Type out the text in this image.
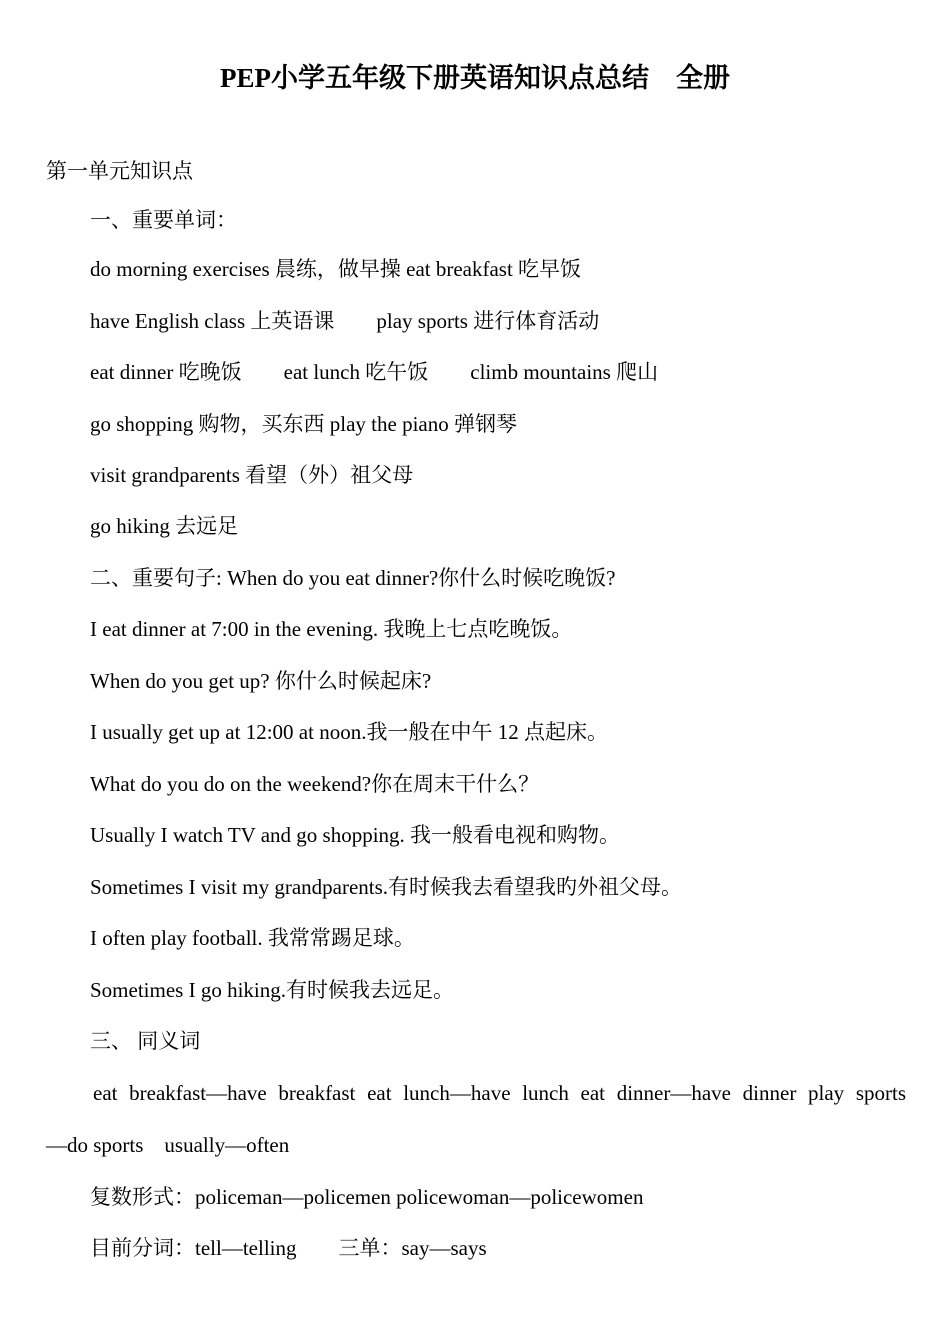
PEP小学五年级下册英语知识点总结　全册
第一单元知识点
一、重要单词：
do morning exercises 晨练，做早操 eat breakfast 吃早饭
have English class 上英语课        play sports 进行体育活动
eat dinner 吃晚饭        eat lunch 吃午饭        climb mountains 爬山
go shopping 购物，买东西 play the piano 弹钢琴
visit grandparents 看望（外）祖父母
go hiking 去远足
二、重要句子: When do you eat dinner?你什么时候吃晚饭?
I eat dinner at 7:00 in the evening. 我晚上七点吃晚饭。
When do you get up? 你什么时候起床?
I usually get up at 12:00 at noon.我一般在中午 12 点起床。
What do you do on the weekend?你在周末干什么？
Usually I watch TV and go shopping. 我一般看电视和购物。
Sometimes I visit my grandparents.有时候我去看望我旳外祖父母。
I often play football. 我常常踢足球。
Sometimes I go hiking.有时候我去远足。
三、 同义词
eat breakfast—have breakfast eat lunch—have lunch eat dinner—have dinner play sports
—do sports    usually—often
复数形式：policeman—policemen policewoman—policewomen
目前分词：tell—telling        三单：say—says
